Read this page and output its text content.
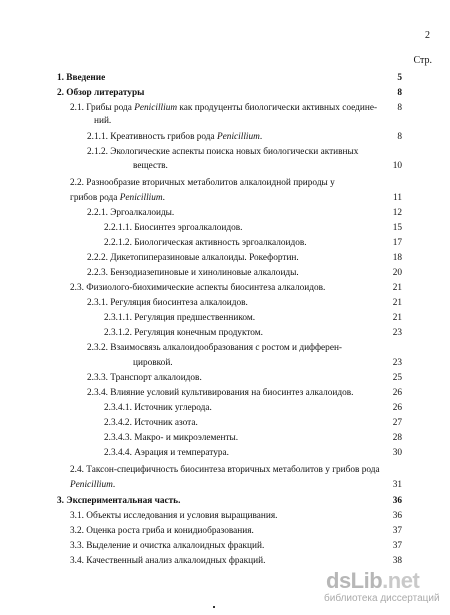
2
Стр.
1. Введение	5
2. Обзор литературы	8
2.1. Грибы рода Penicillium как продуценты биологически активных соедине-	8
ний.
2.1.1. Креативность грибов рода Penicillium.	8
2.1.2. Экологические аспекты поиска новых биологически активных
веществ.	10
2.2. Разнообразие вторичных метаболитов алкалоидной природы у
грибов рода Penicillium.	11
2.2.1. Эргоалкалоиды.	12
2.2.1.1. Биосинтез эргоалкалоидов.	15
2.2.1.2. Биологическая активность эргоалкалоидов.	17
2.2.2. Дикетопиперазиновые алкалоиды. Рокефортин.	18
2.2.3. Бензодиазепиновые и хинолиновые алкалоиды.	20
2.3. Физиолого-биохимические аспекты биосинтеза алкалоидов.	21
2.3.1. Регуляция биосинтеза алкалоидов.	21
2.3.1.1. Регуляция предшественником.	21
2.3.1.2. Регуляция конечным продуктом.	23
2.3.2. Взаимосвязь алкалоидообразования с ростом и дифферен-
цировкой.	23
2.3.3. Транспорт алкалоидов.	25
2.3.4. Влияние условий культивирования на биосинтез алкалоидов.	26
2.3.4.1. Источник углерода.	26
2.3.4.2. Источник азота.	27
2.3.4.3. Макро- и микроэлементы.	28
2.3.4.4. Аэрация и температура.	30
2.4. Таксон-специфичность биосинтеза вторичных метаболитов у грибов рода
Penicillium.	31
3. Экспериментальная часть.	36
3.1. Объекты исследования и условия выращивания.	36
3.2. Оценка роста гриба и конидиобразования.	37
3.3. Выделение и очистка алкалоидных фракций.	37
3.4. Качественный анализ алкалоидных фракций.	38
dsLib.net
библиотека диссертаций
